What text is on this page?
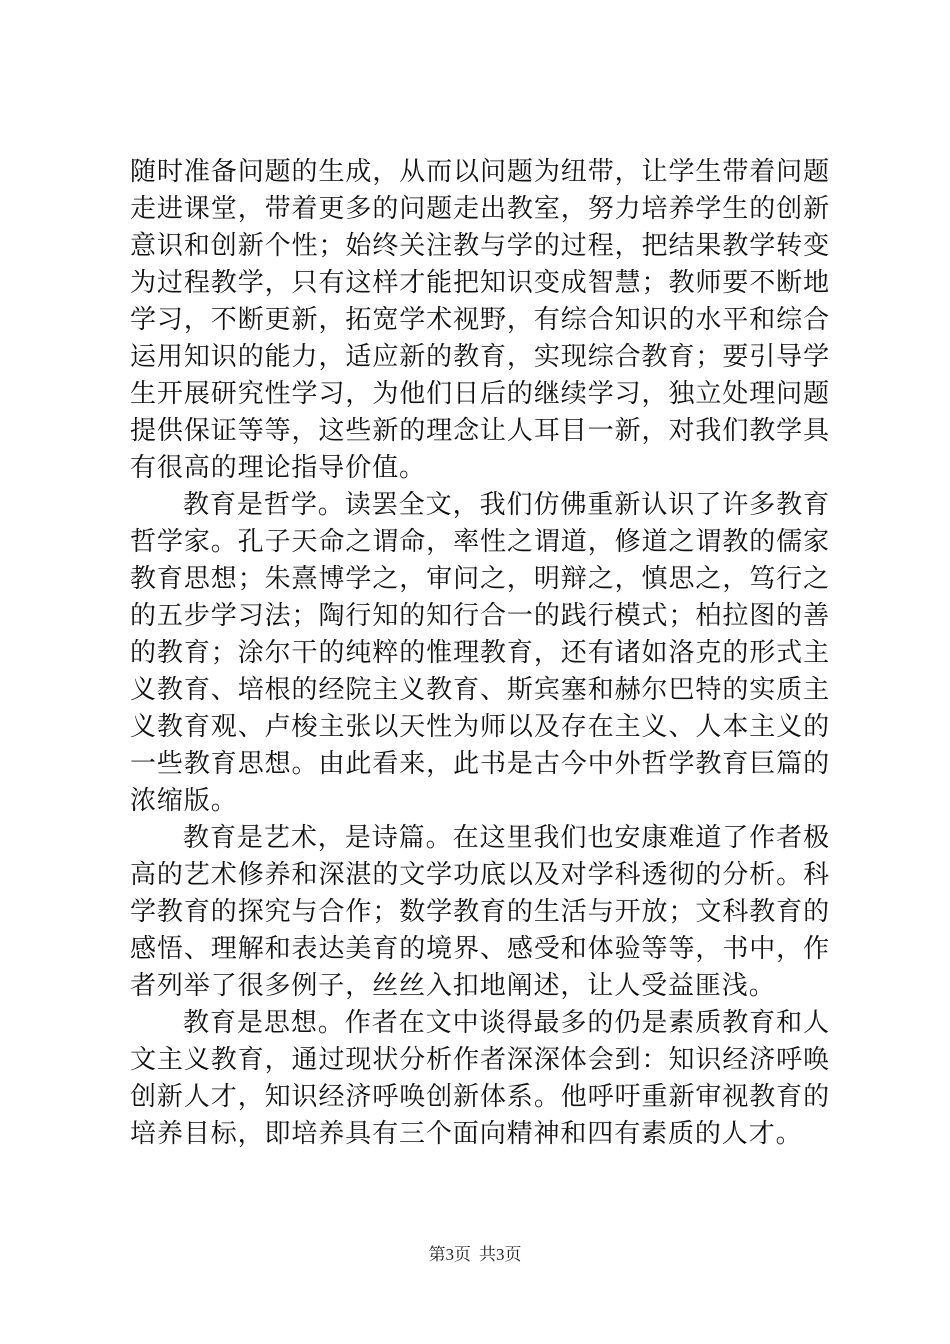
随时准备问题的生成，从而以问题为纽带，让学生带着问题走进课堂，带着更多的问题走出教室，努力培养学生的创新意识和创新个性；始终关注教与学的过程，把结果教学转变为过程教学，只有这样才能把知识变成智慧；教师要不断地学习，不断更新，拓宽学术视野，有综合知识的水平和综合运用知识的能力，适应新的教育，实现综合教育；要引导学生开展研究性学习，为他们日后的继续学习，独立处理问题提供保证等等，这些新的理念让人耳目一新，对我们教学具有很高的理论指导价值。

教育是哲学。读罢全文，我们仿佛重新认识了许多教育哲学家。孔子天命之谓命，率性之谓道，修道之谓教的儒家教育思想；朱熹博学之，审问之，明辩之，慎思之，笃行之的五步学习法；陶行知的知行合一的践行模式；柏拉图的善的教育；涂尔干的纯粹的惟理教育，还有诸如洛克的形式主义教育、培根的经院主义教育、斯宾塞和赫尔巴特的实质主义教育观、卢梭主张以天性为师以及存在主义、人本主义的一些教育思想。由此看来，此书是古今中外哲学教育巨篇的浓缩版。

教育是艺术，是诗篇。在这里我们也安康难道了作者极高的艺术修养和深湛的文学功底以及对学科透彻的分析。科学教育的探究与合作；数学教育的生活与开放；文科教育的感悟、理解和表达美育的境界、感受和体验等等，书中，作者列举了很多例子，丝丝入扣地阐述，让人受益匪浅。

教育是思想。作者在文中谈得最多的仍是素质教育和人文主义教育，通过现状分析作者深深体会到：知识经济呼唤创新人才，知识经济呼唤创新体系。他呼吁重新审视教育的培养目标，即培养具有三个面向精神和四有素质的人才。

第3页 共3页
